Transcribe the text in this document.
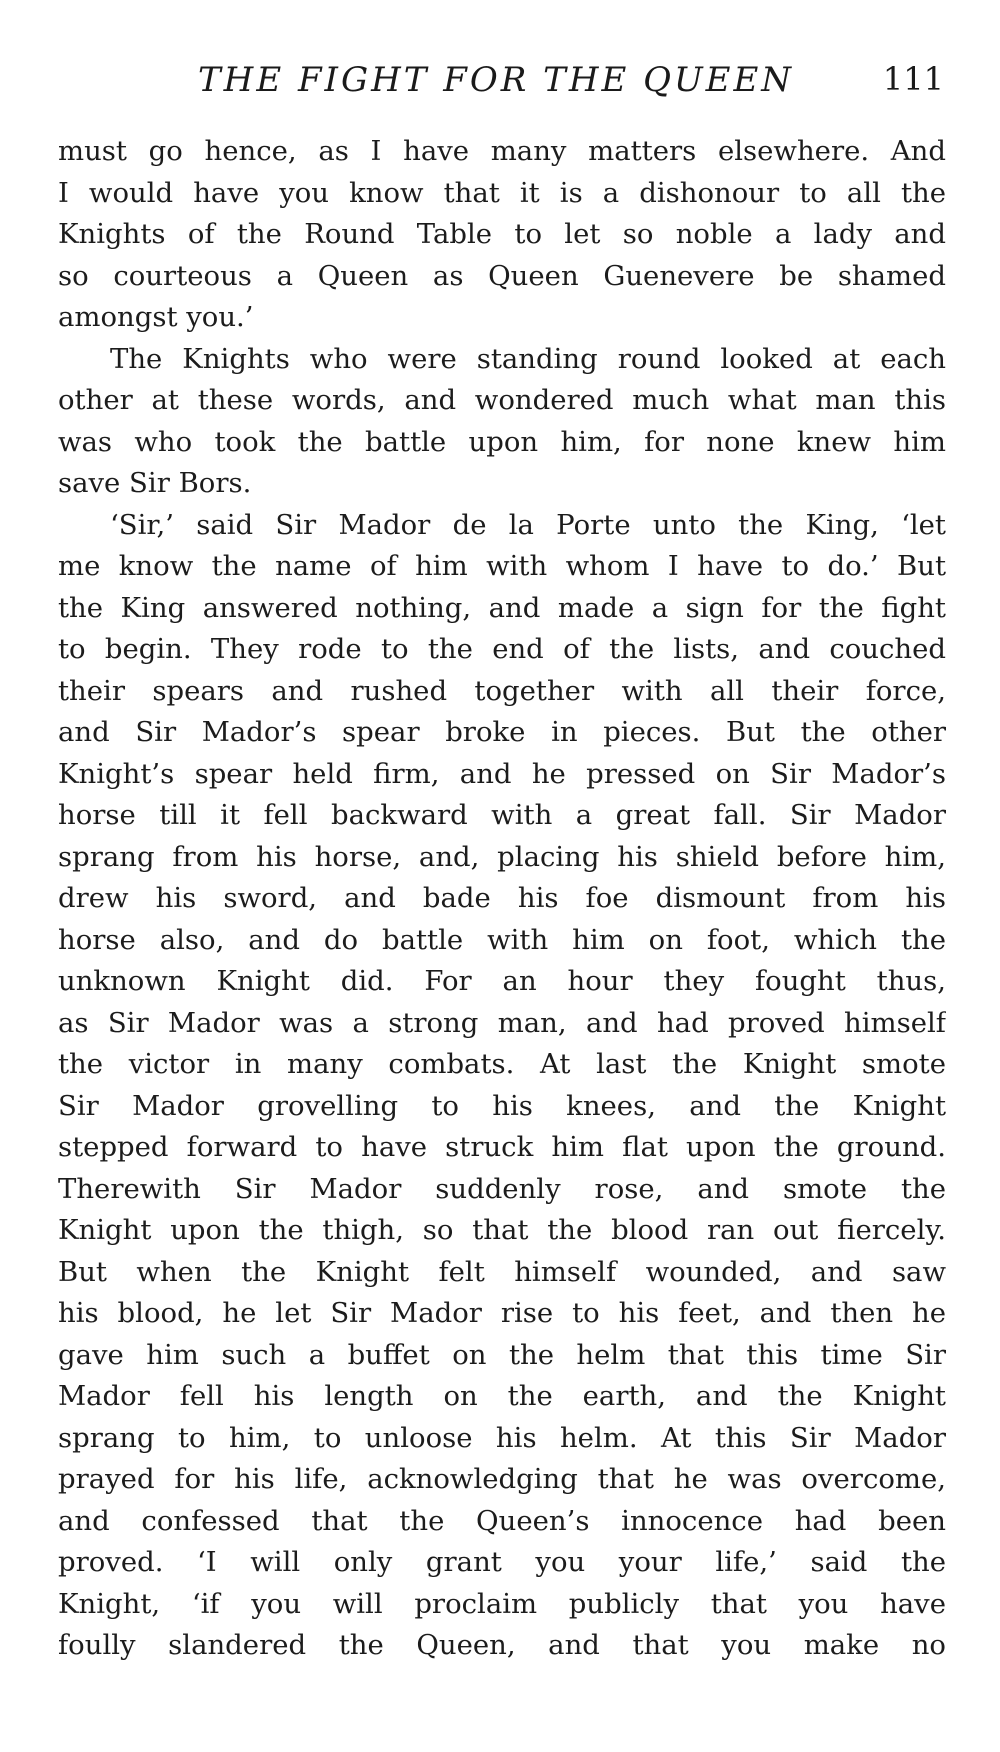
THE FIGHT FOR THE QUEEN	111
must go hence, as I have many matters elsewhere. And
I would have you know that it is a dishonour to all the
Knights of the Round Table to let so noble a lady and
so courteous a Queen as Queen Guenevere be shamed
amongst you.’
The Knights who were standing round looked at each
other at these words, and wondered much what man this
was who took the battle upon him, for none knew him
save Sir Bors.
‘Sir,’ said Sir Mador de la Porte unto the King, ‘let
me know the name of him with whom I have to do.’ But
the King answered nothing, and made a sign for the fight
to begin. They rode to the end of the lists, and couched
their spears and rushed together with all their force,
and Sir Mador’s spear broke in pieces. But the other
Knight’s spear held firm, and he pressed on Sir Mador’s
horse till it fell backward with a great fall. Sir Mador
sprang from his horse, and, placing his shield before him,
drew his sword, and bade his foe dismount from his
horse also, and do battle with him on foot, which the
unknown Knight did. For an hour they fought thus,
as Sir Mador was a strong man, and had proved himself
the victor in many combats. At last the Knight smote
Sir Mador grovelling to his knees, and the Knight
stepped forward to have struck him flat upon the ground.
Therewith Sir Mador suddenly rose, and smote the
Knight upon the thigh, so that the blood ran out fiercely.
But when the Knight felt himself wounded, and saw
his blood, he let Sir Mador rise to his feet, and then he
gave him such a buffet on the helm that this time Sir
Mador fell his length on the earth, and the Knight
sprang to him, to unloose his helm. At this Sir Mador
prayed for his life, acknowledging that he was overcome,
and confessed that the Queen’s innocence had been
proved. ‘I will only grant you your life,’ said the
Knight, ‘if you will proclaim publicly that you have
foully slandered the Queen, and that you make no
